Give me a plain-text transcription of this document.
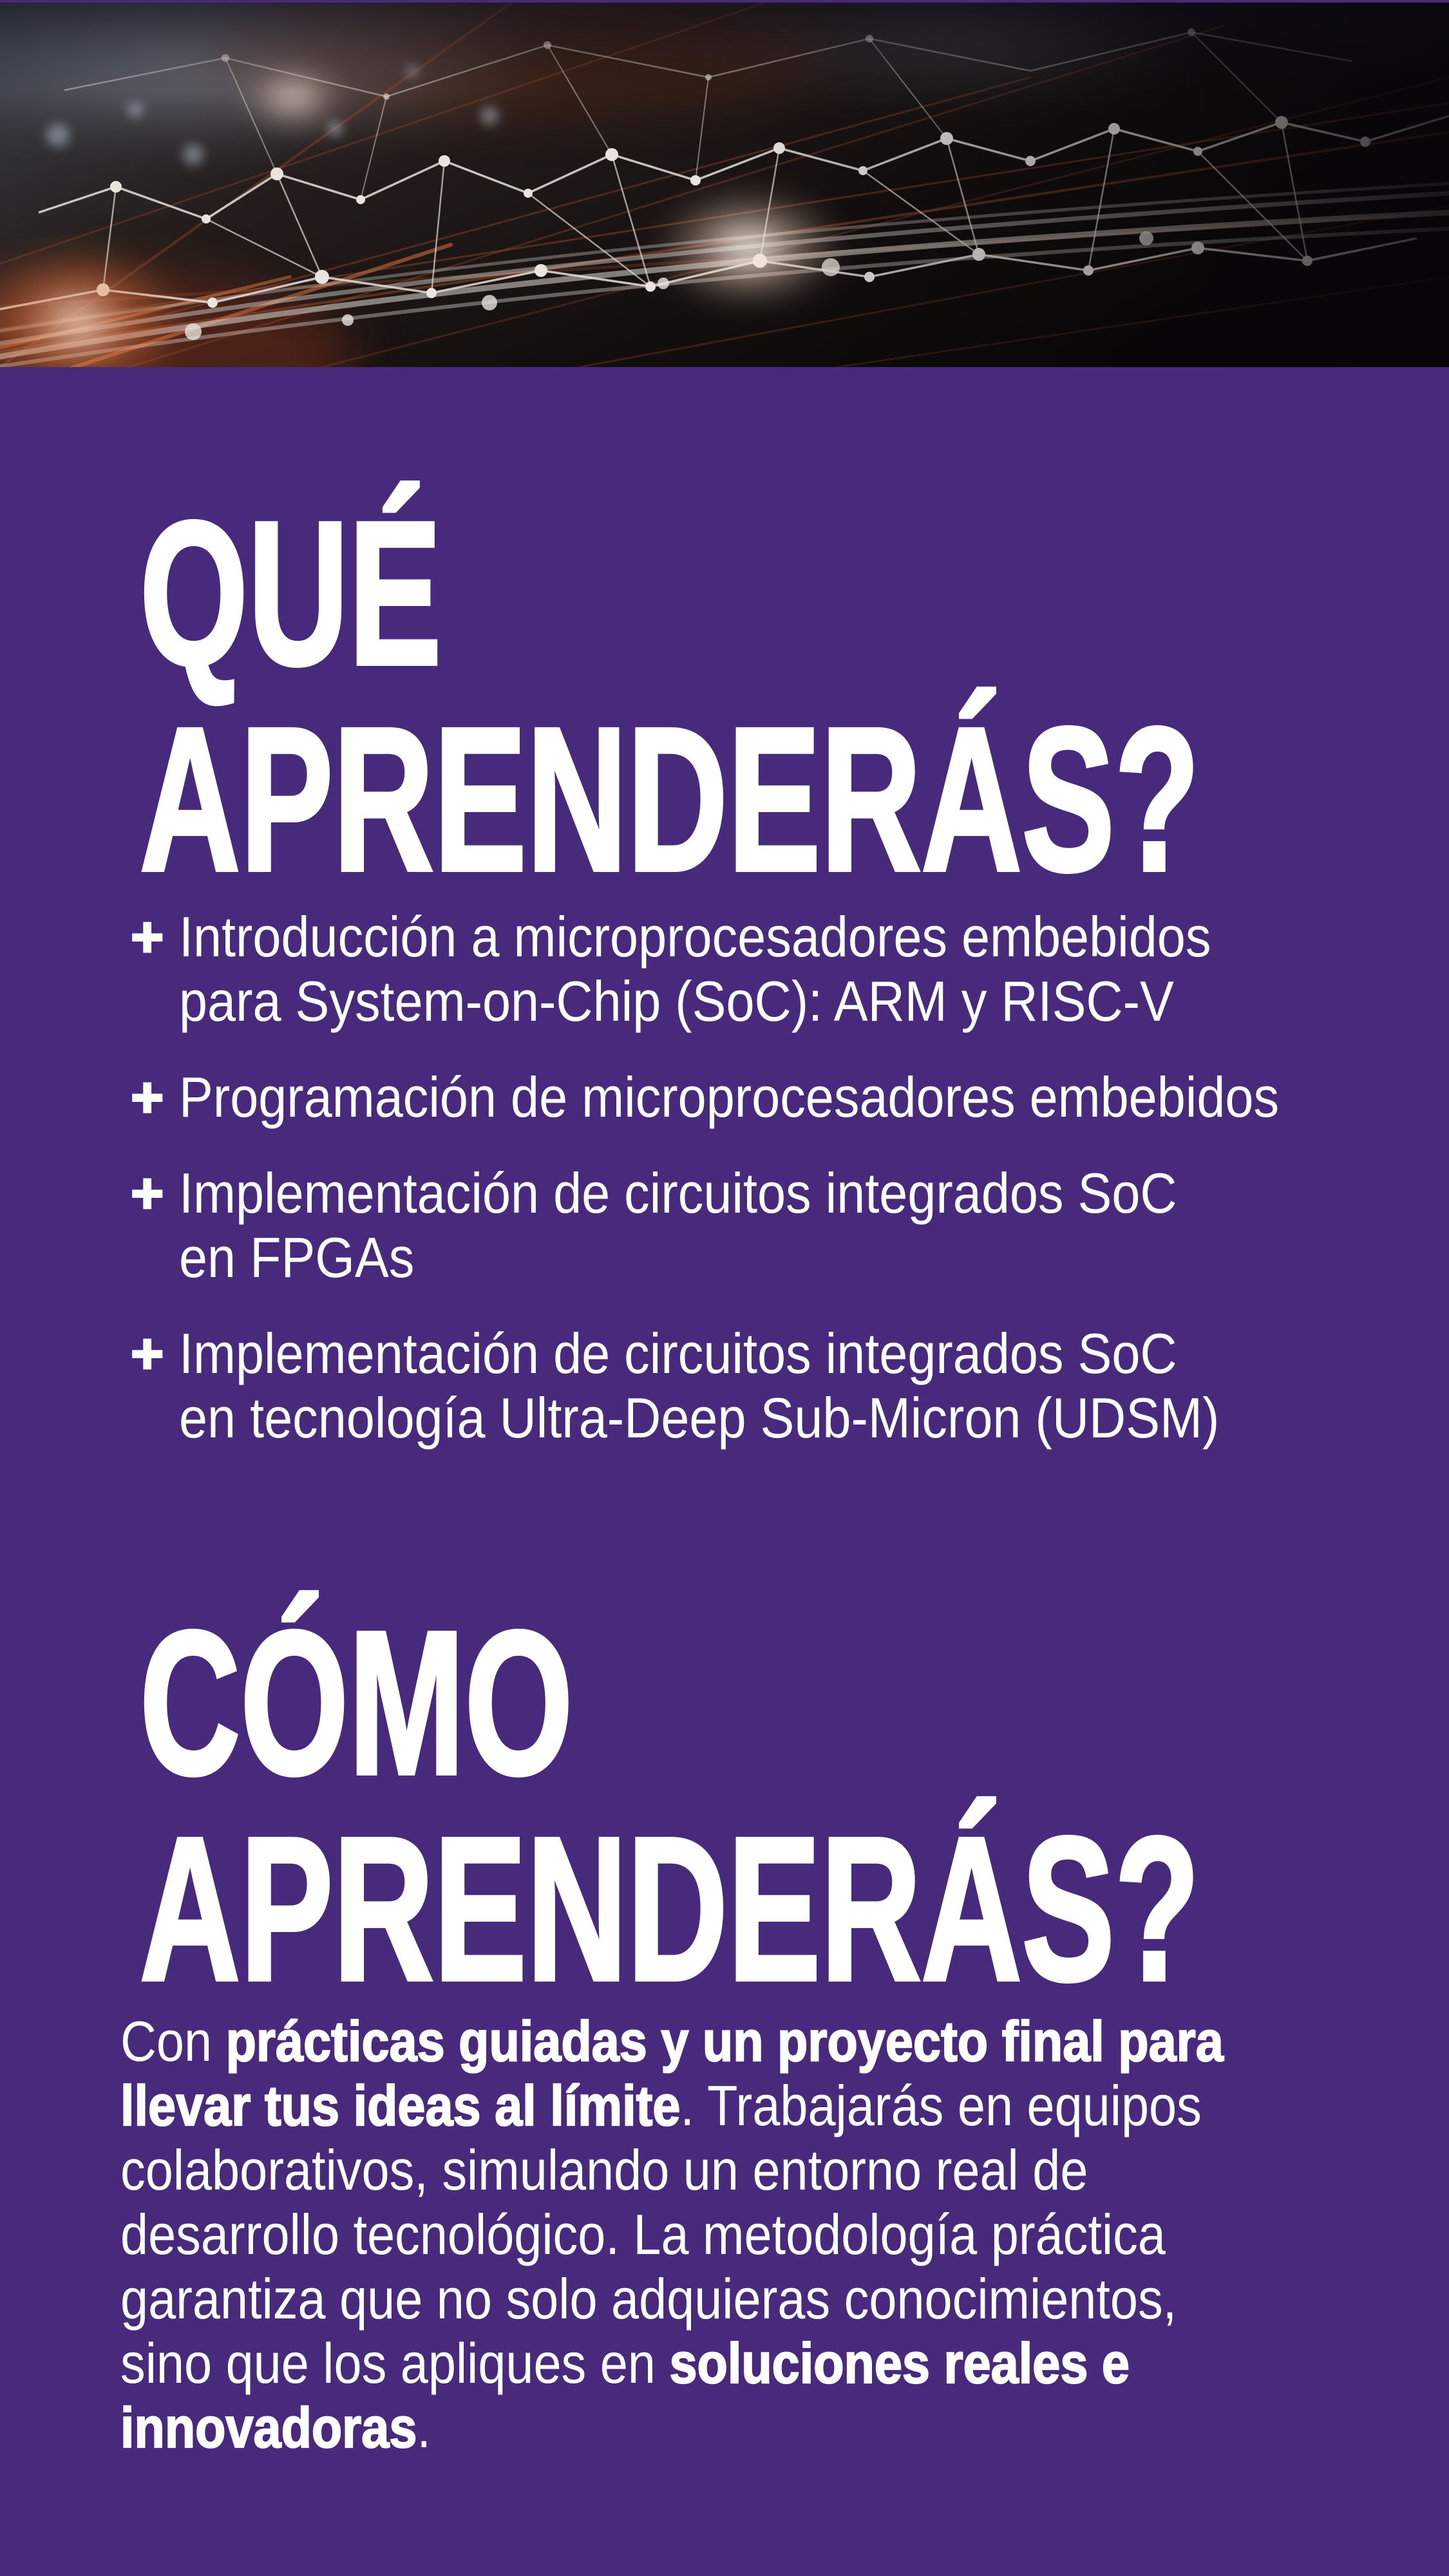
QUÉ
APRENDERÁS?
+ Introducción a microprocesadores embebidos
para System-on-Chip (SoC): ARM y RISC-V
+ Programación de microprocesadores embebidos
+ Implementación de circuitos integrados SoC
en FPGAs
+ Implementación de circuitos integrados SoC
en tecnología Ultra-Deep Sub-Micron (UDSM)
CÓMO
APRENDERÁS?
Con prácticas guiadas y un proyecto final para
llevar tus ideas al límite. Trabajarás en equipos
colaborativos, simulando un entorno real de
desarrollo tecnológico. La metodología práctica
garantiza que no solo adquieras conocimientos,
sino que los apliques en soluciones reales e
innovadoras.
